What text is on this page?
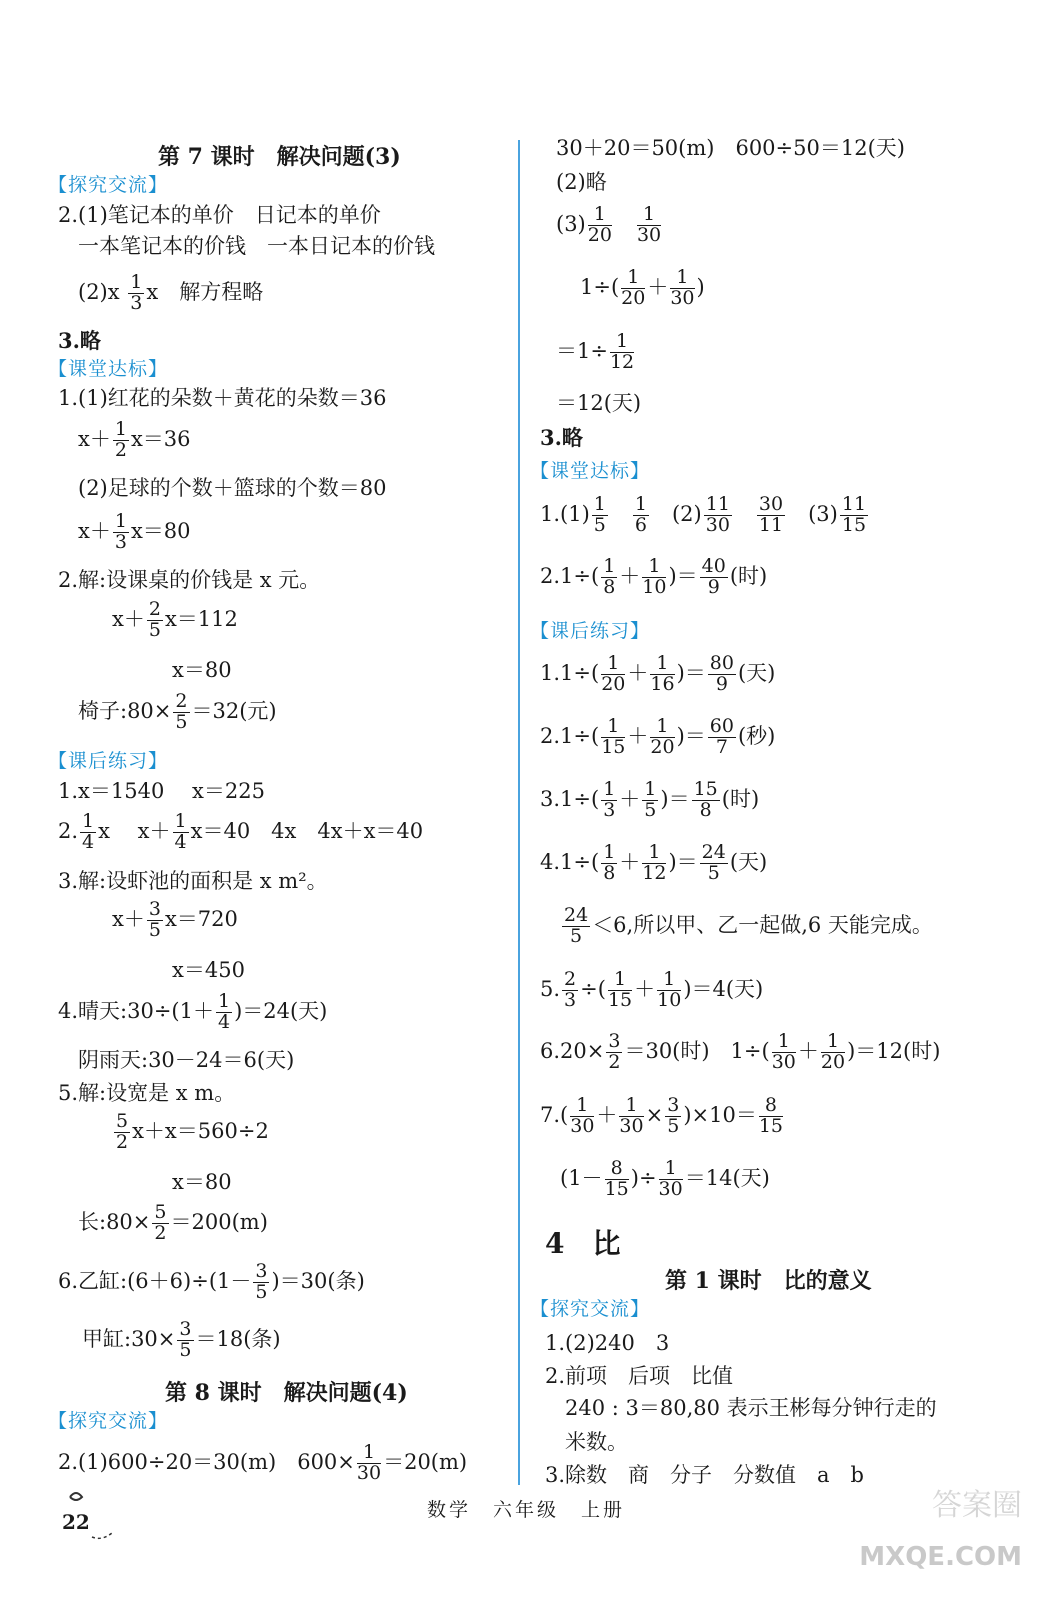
第 7 课时　解决问题(3)
【探究交流】
2.(1)笔记本的单价　日记本的单价
一本笔记本的价钱　一本日记本的价钱
$(2)x \frac{1}{3}$ x　解方程略
3.略
【课堂达标】
1.(1)红花的朵数＋黄花的朵数＝36
$x+ \frac{1}{2} x=36$
(2)足球的个数＋篮球的个数＝80
$x+ \frac{1}{3} x=80$
2.解:设课桌的价钱是 x 元。
$x+ \frac{2}{5} x=112$
x＝80
椅子:80× $\frac{2}{5} =32$(元)
【课后练习】
1.x＝1540　 x＝225
2. $\frac{1}{4}$ x　 $x+ \frac{1}{4} x=40$　4x　4x＋x＝40
3.解:设虾池的面积是 x m²。
$x+ \frac{3}{5} x=720$
x＝450
4.晴天:30÷(1＋ $\frac{1}{4} )=24$(天)
阴雨天:30－24＝6(天)
5.解:设宽是 x m。
$\frac{5}{2} x+x=560\div 2$
x＝80
长:80× $\frac{5}{2} =200(m)$
6.乙缸:(6＋6)÷(1－ $\frac{3}{5} )=30$(条)
甲缸:30× $\frac{3}{5} =18$(条)
第 8 课时　解决问题(4)
【探究交流】
2.(1)600÷20＝30(m)　$600\times \frac{1}{30} =20(m)$
30＋20＝50(m)　600÷50＝12(天)
(2)略
$(3) \frac{1}{20}$
　 $\frac{1}{30}$
$1\div( \frac{1}{20} + \frac{1}{30}$ )
$=1\div \frac{1}{12}$
＝12(天)
3.略
【课堂达标】
$1.(1) \frac{1}{5}$
　 $\frac{1}{6}$
　 $(2) \frac{11}{30}$
　 $\frac{30}{11}$
　 $(3) \frac{11}{15}$
$2.1\div( \frac{1}{8} + \frac{1}{10}$ )＝ $\frac{40}{9}$ (时)
【课后练习】
$1.1\div( \frac{1}{20} + \frac{1}{16}$ )＝ $\frac{80}{9}$ (天)
$2.1\div( \frac{1}{15} + \frac{1}{20}$ )＝ $\frac{60}{7}$ (秒)
$3.1\div( \frac{1}{3} + \frac{1}{5}$ )＝ $\frac{15}{8}$ (时)
$4.1\div( \frac{1}{8} + \frac{1}{12}$ )＝ $\frac{24}{5}$ (天)
$\frac{24}{5} <6$,所以甲、乙一起做,6 天能完成。
5. $\frac{2}{3}$ ÷( $\frac{1}{15} + \frac{1}{10} )=4$(天)
$6.20\times \frac{3}{2} =30$(时)　$1\div( \frac{1}{30} + \frac{1}{20} )=12$(时)
$7.( \frac{1}{30} + \frac{1}{30} \times \frac{3}{5} )\times 10= \frac{8}{15}$
($1- \frac{8}{15}$ )÷ $\frac{1}{30} =14$(天)
4　比
第 1 课时　比的意义
【探究交流】
1.(2)240　3
2.前项　后项　比值
240 : 3＝80,80 表示王彬每分钟行走的
米数。
3.除数　商　分子　分数值　a　b
22	数学　六年级　上册	答案圈
MXQE.COM
